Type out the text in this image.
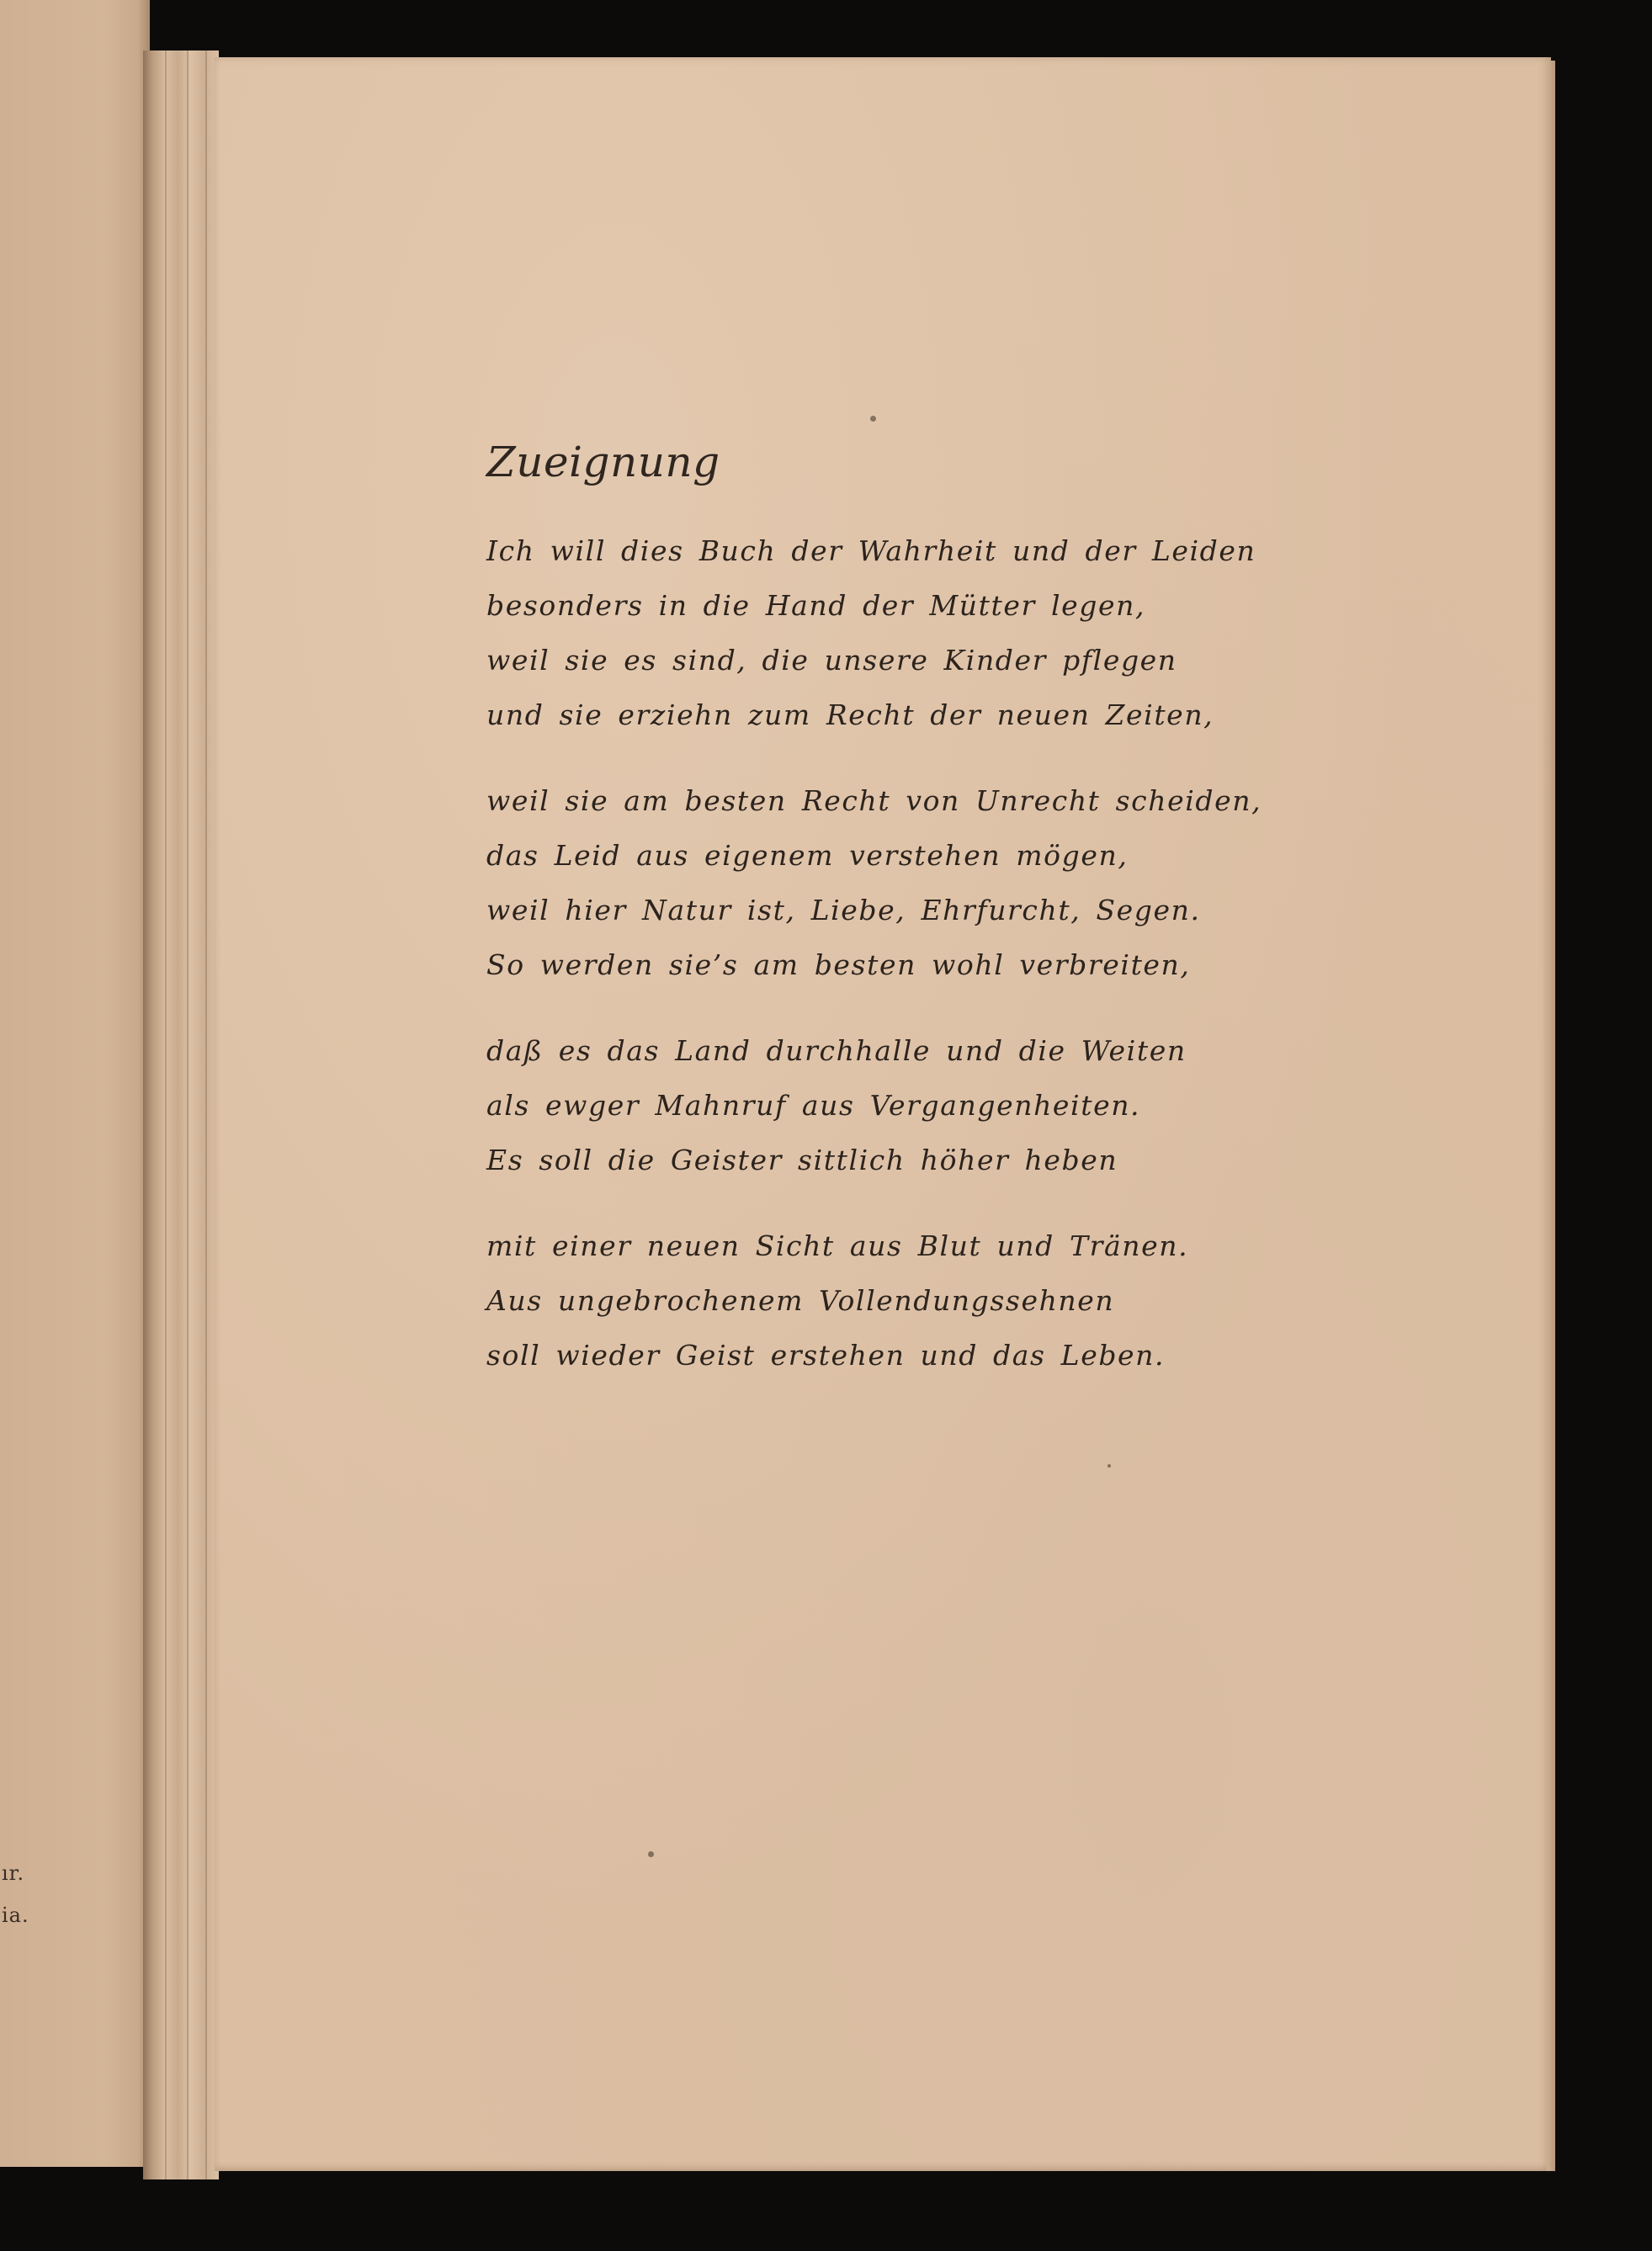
ır.
ia.
Zueignung
Ich will dies Buch der Wahrheit und der Leiden
besonders in die Hand der Mütter legen,
weil sie es sind, die unsere Kinder pflegen
und sie erziehn zum Recht der neuen Zeiten,
weil sie am besten Recht von Unrecht scheiden,
das Leid aus eigenem verstehen mögen,
weil hier Natur ist, Liebe, Ehrfurcht, Segen.
So werden sie’s am besten wohl verbreiten,
daß es das Land durchhalle und die Weiten
als ewger Mahnruf aus Vergangenheiten.
Es soll die Geister sittlich höher heben
mit einer neuen Sicht aus Blut und Tränen.
Aus ungebrochenem Vollendungssehnen
soll wieder Geist erstehen und das Leben.
